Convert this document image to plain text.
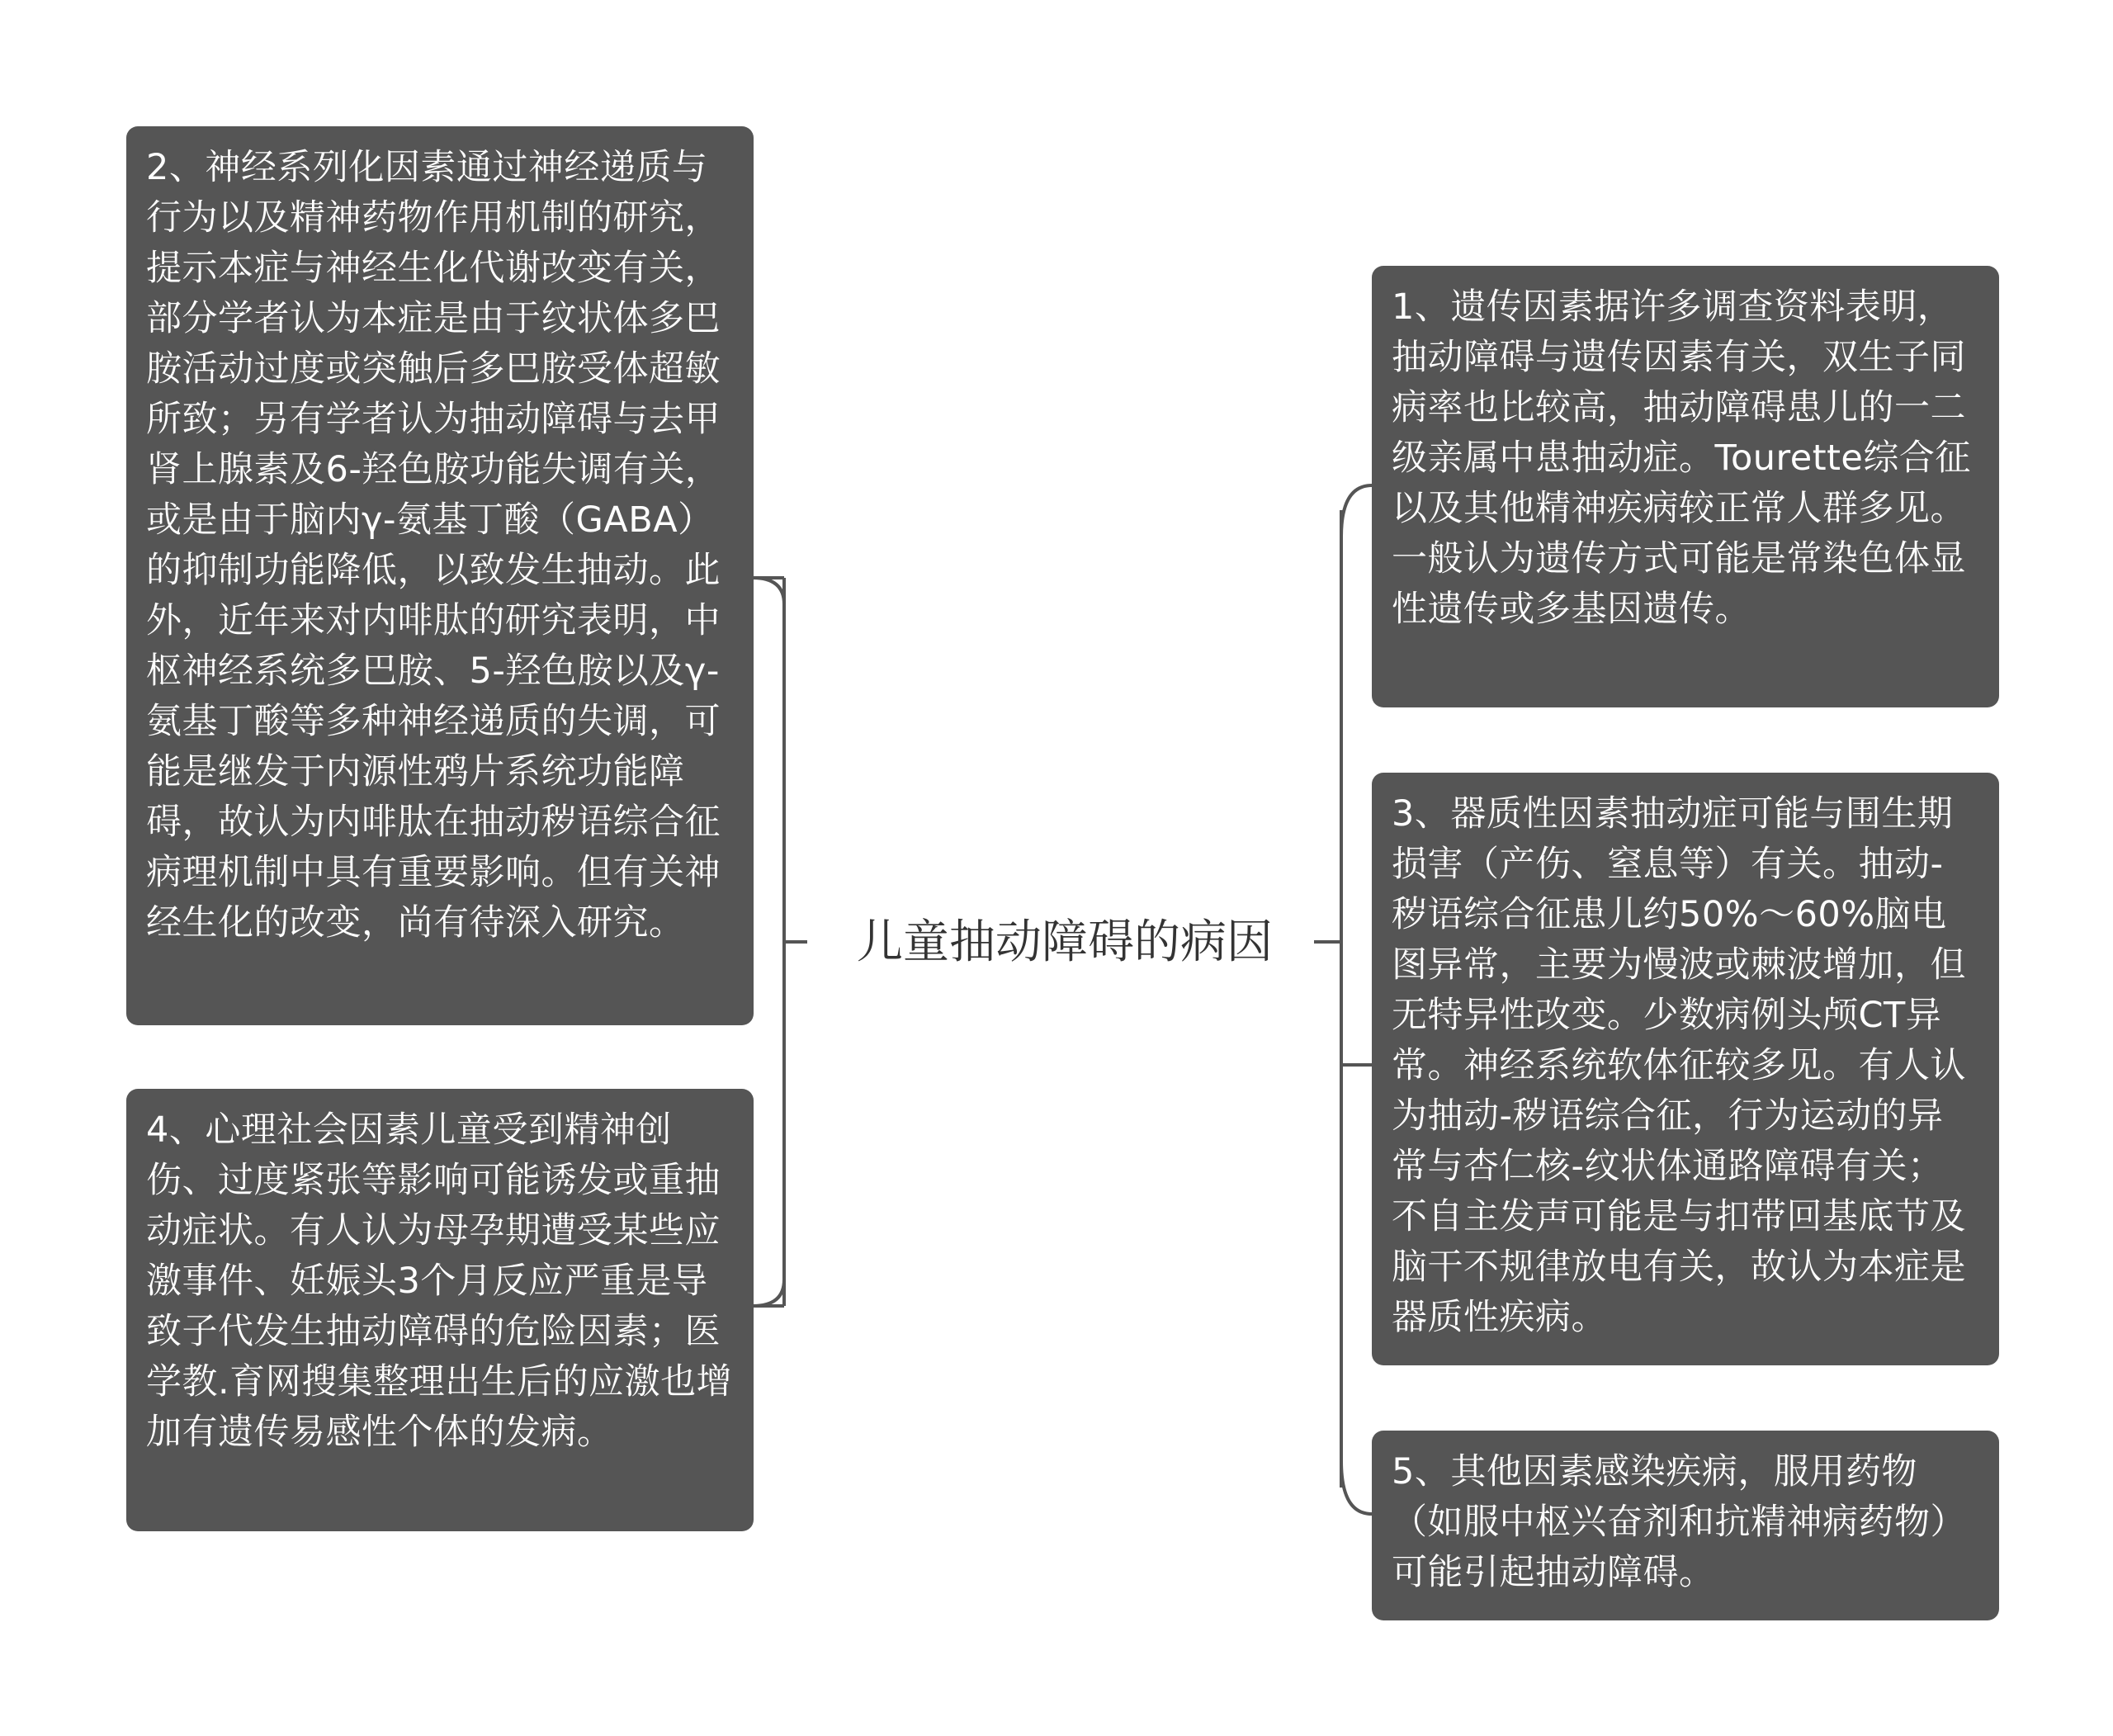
儿童抽动障碍的病因
2、神经系列化因素通过神经递质与行为以及精神药物作用机制的研究，提示本症与神经生化代谢改变有关，部分学者认为本症是由于纹状体多巴胺活动过度或突触后多巴胺受体超敏所致；另有学者认为抽动障碍与去甲肾上腺素及6-羟色胺功能失调有关，或是由于脑内γ-氨基丁酸（GABA）的抑制功能降低，以致发生抽动。此外，近年来对内啡肽的研究表明，中枢神经系统多巴胺、5-羟色胺以及γ-氨基丁酸等多种神经递质的失调，可能是继发于内源性鸦片系统功能障碍，故认为内啡肽在抽动秽语综合征病理机制中具有重要影响。但有关神经生化的改变，尚有待深入研究。
4、心理社会因素儿童受到精神创伤、过度紧张等影响可能诱发或重抽动症状。有人认为母孕期遭受某些应激事件、妊娠头3个月反应严重是导致子代发生抽动障碍的危险因素；医学教.育网搜集整理出生后的应激也增加有遗传易感性个体的发病。
1、遗传因素据许多调查资料表明，抽动障碍与遗传因素有关，双生子同病率也比较高，抽动障碍患儿的一二级亲属中患抽动症。Tourette综合征以及其他精神疾病较正常人群多见。一般认为遗传方式可能是常染色体显性遗传或多基因遗传。
3、器质性因素抽动症可能与围生期损害（产伤、窒息等）有关。抽动-秽语综合征患儿约50%～60%脑电图异常，主要为慢波或棘波增加，但无特异性改变。少数病例头颅CT异常。神经系统软体征较多见。有人认为抽动-秽语综合征，行为运动的异常与杏仁核-纹状体通路障碍有关；不自主发声可能是与扣带回基底节及脑干不规律放电有关，故认为本症是器质性疾病。
5、其他因素感染疾病，服用药物（如服中枢兴奋剂和抗精神病药物）可能引起抽动障碍。
